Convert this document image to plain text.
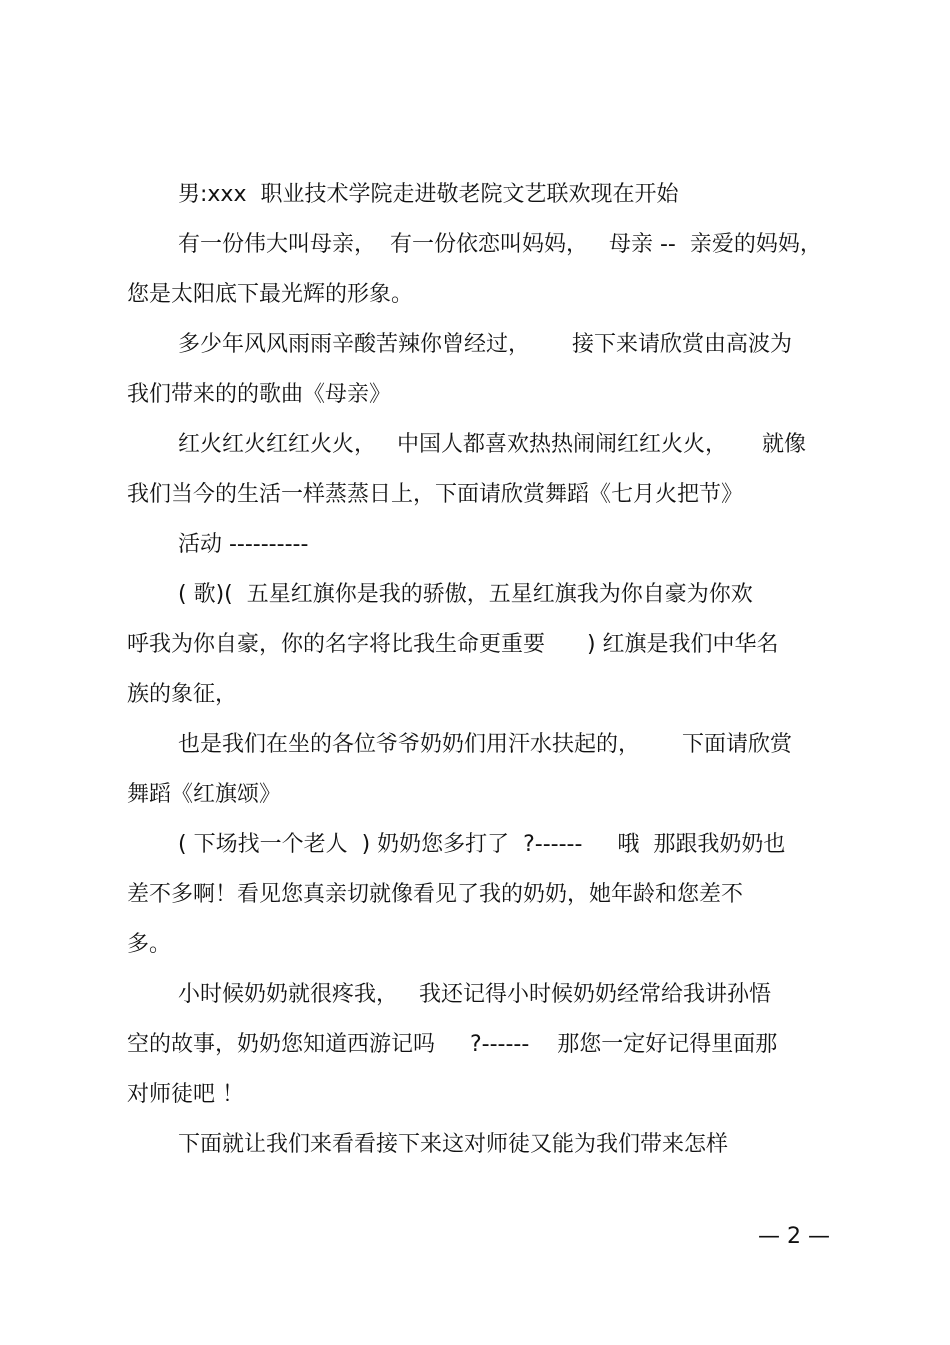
男:xxx  职业技术学院走进敬老院文艺联欢现在开始
有一份伟大叫母亲，  有一份依恋叫妈妈，   母亲 --  亲爱的妈妈，
您是太阳底下最光辉的形象。
多少年风风雨雨辛酸苦辣你曾经过，      接下来请欣赏由高波为
我们带来的的歌曲《母亲》
红火红火红红火火，   中国人都喜欢热热闹闹红红火火，     就像
我们当今的生活一样蒸蒸日上，下面请欣赏舞蹈《七月火把节》
活动 ----------
( 歌)(  五星红旗你是我的骄傲，五星红旗我为你自豪为你欢
呼我为你自豪，你的名字将比我生命更重要      ) 红旗是我们中华名
族的象征，
也是我们在坐的各位爷爷奶奶们用汗水扶起的，      下面请欣赏
舞蹈《红旗颂》
( 下场找一个老人  ) 奶奶您多打了  ?------     哦  那跟我奶奶也
差不多啊！看见您真亲切就像看见了我的奶奶，她年龄和您差不
多。
小时候奶奶就很疼我，   我还记得小时候奶奶经常给我讲孙悟
空的故事，奶奶您知道西游记吗     ?------    那您一定好记得里面那
对师徒吧 ！
下面就让我们来看看接下来这对师徒又能为我们带来怎样
— 2 —
